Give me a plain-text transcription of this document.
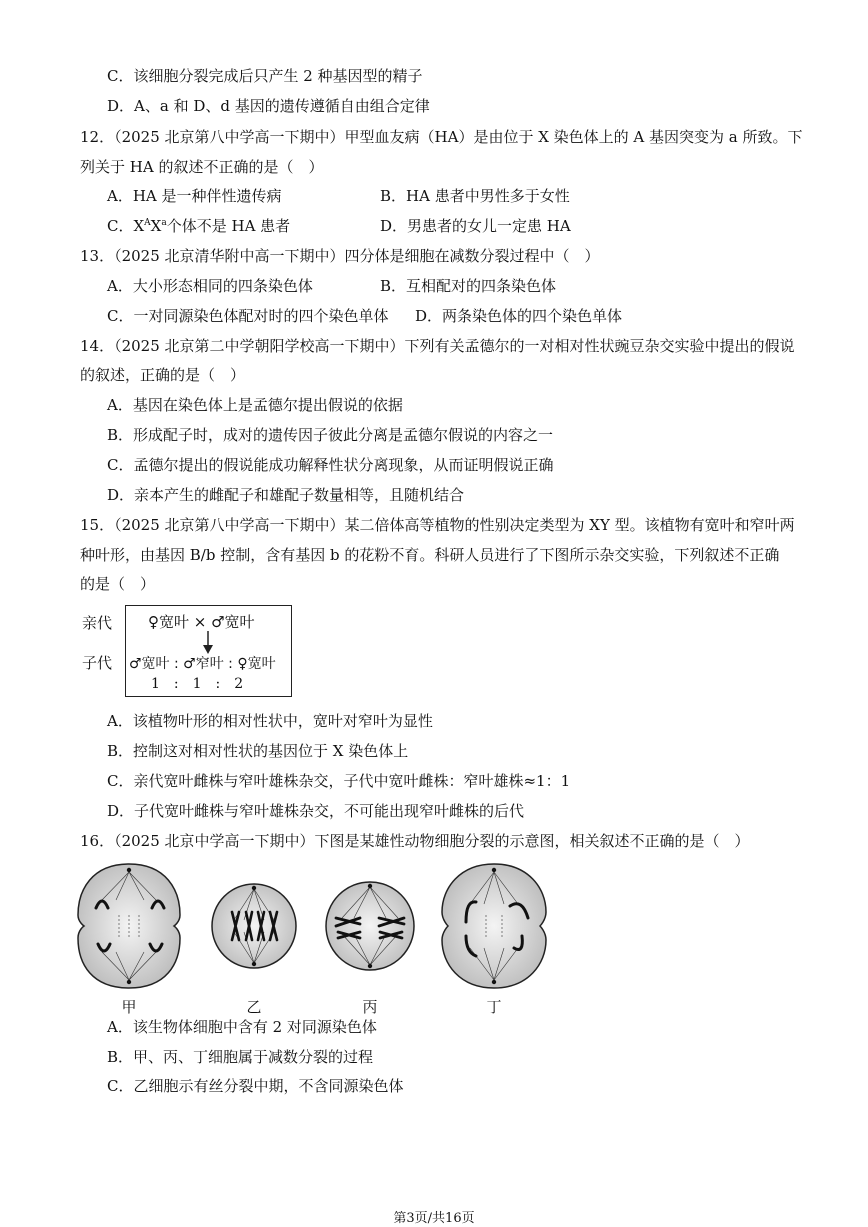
C．该细胞分裂完成后只产生 2 种基因型的精子
D．A、a 和 D、d 基因的遗传遵循自由组合定律
12．（2025 北京第八中学高一下期中）甲型血友病（HA）是由位于 X 染色体上的 A 基因突变为 a 所致。下
列关于 HA 的叙述不正确的是（　）
A．HA 是一种伴性遗传病	B．HA 患者中男性多于女性
C．$X^AX^a$个体不是 HA 患者	D．男患者的女儿一定患 HA
13．（2025 北京清华附中高一下期中）四分体是细胞在减数分裂过程中（　）
A．大小形态相同的四条染色体	B．互相配对的四条染色体
C．一对同源染色体配对时的四个染色单体 D．两条染色体的四个染色单体
14．（2025 北京第二中学朝阳学校高一下期中）下列有关孟德尔的一对相对性状豌豆杂交实验中提出的假说
的叙述，正确的是（　）
A．基因在染色体上是孟德尔提出假说的依据
B．形成配子时，成对的遗传因子彼此分离是孟德尔假说的内容之一
C．孟德尔提出的假说能成功解释性状分离现象，从而证明假说正确
D．亲本产生的雌配子和雄配子数量相等，且随机结合
15．（2025 北京第八中学高一下期中）某二倍体高等植物的性别决定类型为 XY 型。该植物有宽叶和窄叶两
种叶形，由基因 B/b 控制，含有基因 b 的花粉不育。科研人员进行了下图所示杂交实验，下列叙述不正确
的是（　）
亲代
子代
♀宽叶 × ♂宽叶
♂宽叶 : ♂窄叶 : ♀宽叶
1　:　1　:　2
A．该植物叶形的相对性状中，宽叶对窄叶为显性
B．控制这对相对性状的基因位于 X 染色体上
C．亲代宽叶雌株与窄叶雄株杂交，子代中宽叶雌株：窄叶雄株≈1：1
D．子代宽叶雌株与窄叶雄株杂交，不可能出现窄叶雌株的后代
16．（2025 北京中学高一下期中）下图是某雄性动物细胞分裂的示意图，相关叙述不正确的是（　）
甲	乙	丙	丁
A．该生物体细胞中含有 2 对同源染色体
B．甲、丙、丁细胞属于减数分裂的过程
C．乙细胞示有丝分裂中期，不含同源染色体
第3页/共16页
